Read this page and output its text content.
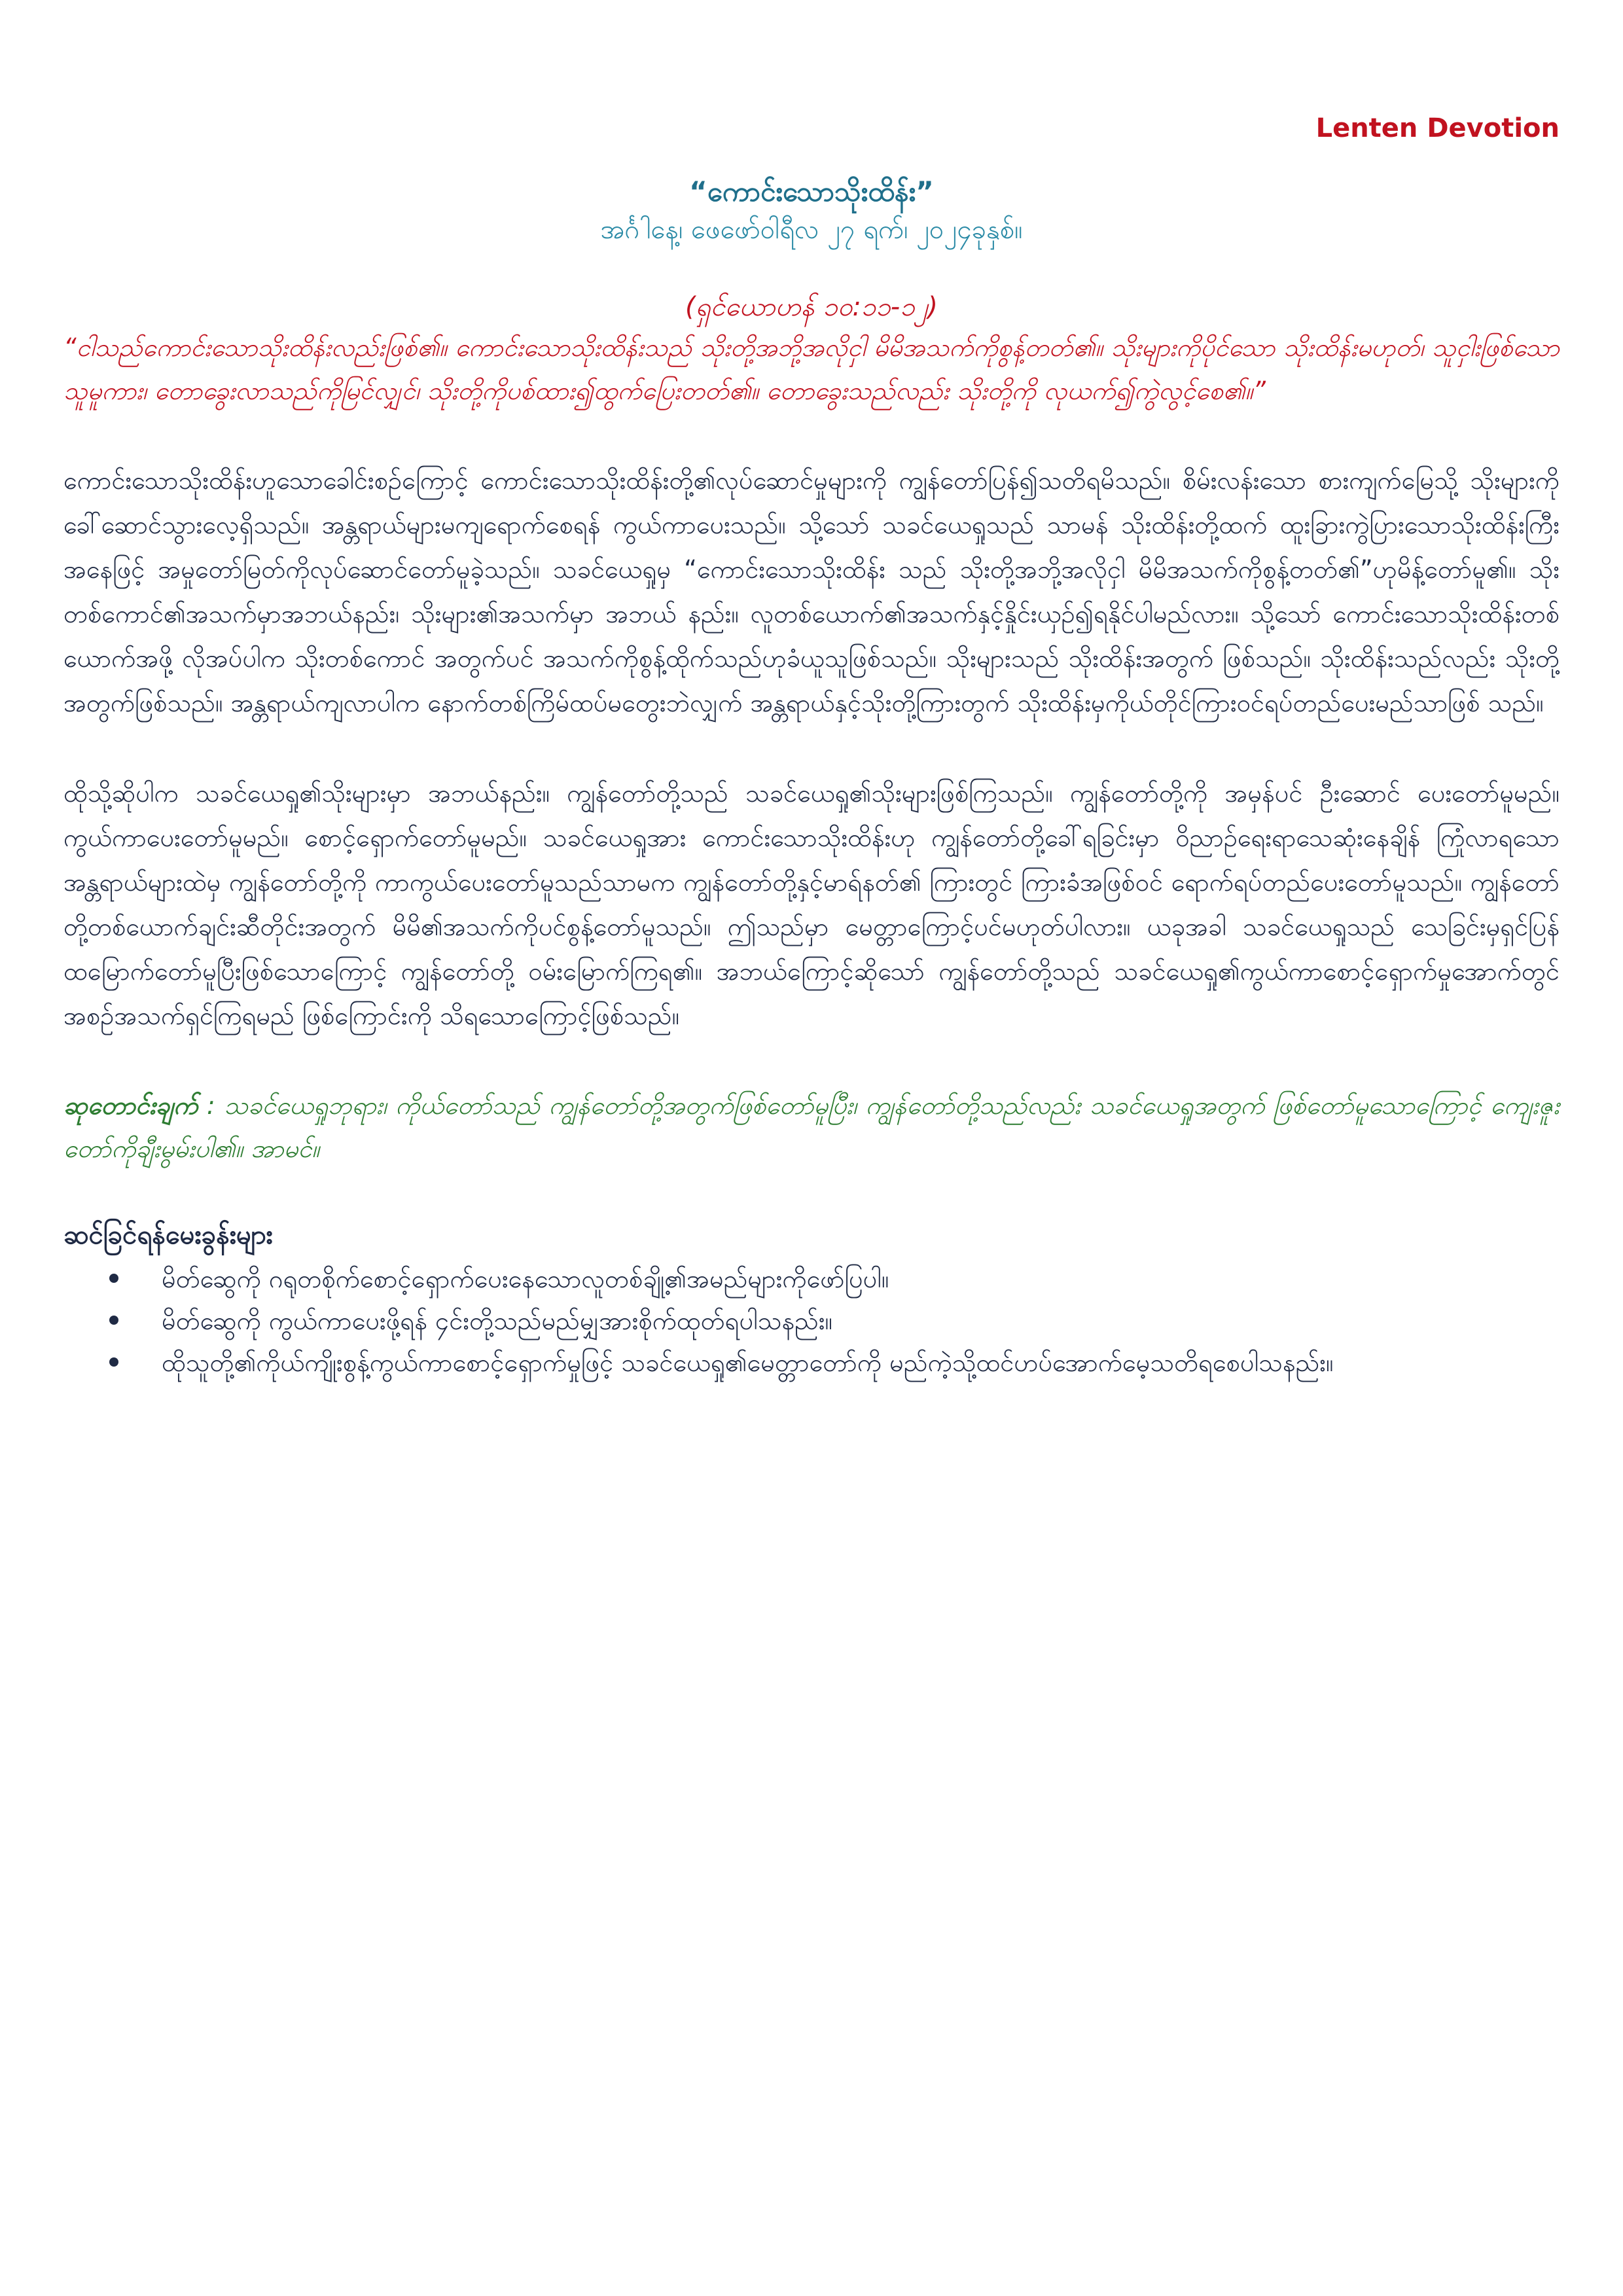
Lenten Devotion
“ကောင်းသောသိုးထိန်း”
အင်္ဂါနေ့၊ ဖေဖော်ဝါရီလ ၂၇ ရက်၊ ၂၀၂၄ခုနှစ်။
(ရှင်ယောဟန် ၁၀:၁၁-၁၂)
“ငါသည်ကောင်းသောသိုးထိန်းလည်းဖြစ်၏။ ကောင်းသောသိုးထိန်းသည် သိုးတို့အဘို့အလိုငှါ မိမိအသက်ကိုစွန့်တတ်၏။ သိုးများကိုပိုင်သော သိုးထိန်းမဟုတ်၊ သူငှါးဖြစ်သောသူမူကား၊ တောခွေးလာသည်ကိုမြင်လျှင်၊ သိုးတို့ကိုပစ်ထား၍ထွက်ပြေးတတ်၏။ တောခွေးသည်လည်း သိုးတို့ကို လုယက်၍ကွဲလွင့်စေ၏။”

ကောင်းသောသိုးထိန်းဟူသောခေါင်းစဉ်ကြောင့် ကောင်းသောသိုးထိန်းတို့၏လုပ်ဆောင်မှုများကို ကျွန်တော်ပြန်၍သတိရမိသည်။ စိမ်းလန်းသော စားကျက်မြေသို့ သိုးများကိုခေါ်ဆောင်သွားလေ့ရှိသည်။ အန္တရာယ်များမကျရောက်စေရန် ကွယ်ကာပေးသည်။ သို့သော် သခင်ယေရှုသည် သာမန် သိုးထိန်းတို့ထက် ထူးခြားကွဲပြားသောသိုးထိန်းကြီးအနေဖြင့် အမှုတော်မြတ်ကိုလုပ်ဆောင်တော်မူခဲ့သည်။ သခင်ယေရှုမှ “ကောင်းသောသိုးထိန်း သည် သိုးတို့အဘို့အလိုငှါ မိမိအသက်ကိုစွန့်တတ်၏”ဟုမိန့်တော်မူ၏။ သိုးတစ်ကောင်၏အသက်မှာအဘယ်နည်း၊ သိုးများ၏အသက်မှာ အဘယ် နည်း။ လူတစ်ယောက်၏အသက်နှင့်နှိုင်းယှဉ်၍ရနိုင်ပါမည်လား။ သို့သော် ကောင်းသောသိုးထိန်းတစ်ယောက်အဖို့ လိုအပ်ပါက သိုးတစ်ကောင် အတွက်ပင် အသက်ကိုစွန့်ထိုက်သည်ဟုခံယူသူဖြစ်သည်။ သိုးများသည် သိုးထိန်းအတွက် ဖြစ်သည်။ သိုးထိန်းသည်လည်း သိုးတို့အတွက်ဖြစ်သည်။ အန္တရာယ်ကျလာပါက နောက်တစ်ကြိမ်ထပ်မတွေးဘဲလျှက် အန္တရာယ်နှင့်သိုးတို့ကြားတွက် သိုးထိန်းမှကိုယ်တိုင်ကြားဝင်ရပ်တည်ပေးမည်သာဖြစ် သည်။

ထိုသို့ဆိုပါက သခင်ယေရှု၏သိုးများမှာ အဘယ်နည်း။ ကျွန်တော်တို့သည် သခင်ယေရှု၏သိုးများဖြစ်ကြသည်။ ကျွန်တော်တို့ကို အမှန်ပင် ဦးဆောင် ပေးတော်မူမည်။ ကွယ်ကာပေးတော်မူမည်။ စောင့်ရှောက်တော်မူမည်။ သခင်ယေရှုအား ကောင်းသောသိုးထိန်းဟု ကျွန်တော်တို့ခေါ်ရခြင်းမှာ ဝိညာဉ်ရေးရာသေဆုံးနေချိန် ကြုံလာရသောအန္တရာယ်များထဲမှ ကျွန်တော်တို့ကို ကာကွယ်ပေးတော်မူသည်သာမက ကျွန်တော်တို့နှင့်မာရ်နတ်၏ ကြားတွင် ကြားခံအဖြစ်ဝင် ရောက်ရပ်တည်ပေးတော်မူသည်။ ကျွန်တော်တို့တစ်ယောက်ချင်းဆီတိုင်းအတွက် မိမိ၏အသက်ကိုပင်စွန့်တော်မူသည်။ ဤသည်မှာ မေတ္တာကြောင့်ပင်မဟုတ်ပါလား။ ယခုအခါ သခင်ယေရှုသည် သေခြင်းမှရှင်ပြန်ထမြောက်တော်မူပြီးဖြစ်သောကြောင့် ကျွန်တော်တို့ ဝမ်းမြောက်ကြရ၏။ အဘယ်ကြောင့်ဆိုသော် ကျွန်တော်တို့သည် သခင်ယေရှု၏ကွယ်ကာစောင့်ရှောက်မှုအောက်တွင် အစဉ်အသက်ရှင်ကြရမည် ဖြစ်ကြောင်းကို သိရသောကြောင့်ဖြစ်သည်။

ဆုတောင်းချက် : သခင်ယေရှုဘုရား၊ ကိုယ်တော်သည် ကျွန်တော်တို့အတွက်ဖြစ်တော်မူပြီး၊ ကျွန်တော်တို့သည်လည်း သခင်ယေရှုအတွက် ဖြစ်တော်မူသောကြောင့် ကျေးဇူးတော်ကိုချီးမွမ်းပါ၏။ အာမင်။
ဆင်ခြင်ရန်မေးခွန်းများ
မိတ်ဆွေကို ဂရုတစိုက်စောင့်ရှောက်ပေးနေသောလူတစ်ချို့၏အမည်များကိုဖော်ပြပါ။
မိတ်ဆွေကို ကွယ်ကာပေးဖို့ရန် ၄င်းတို့သည်မည်မျှအားစိုက်ထုတ်ရပါသနည်း။
ထိုသူတို့၏ကိုယ်ကျိုးစွန့်ကွယ်ကာစောင့်ရှောက်မှုဖြင့် သခင်ယေရှု၏မေတ္တာတော်ကို မည်ကဲ့သို့ထင်ဟပ်အောက်မေ့သတိရစေပါသနည်း။
